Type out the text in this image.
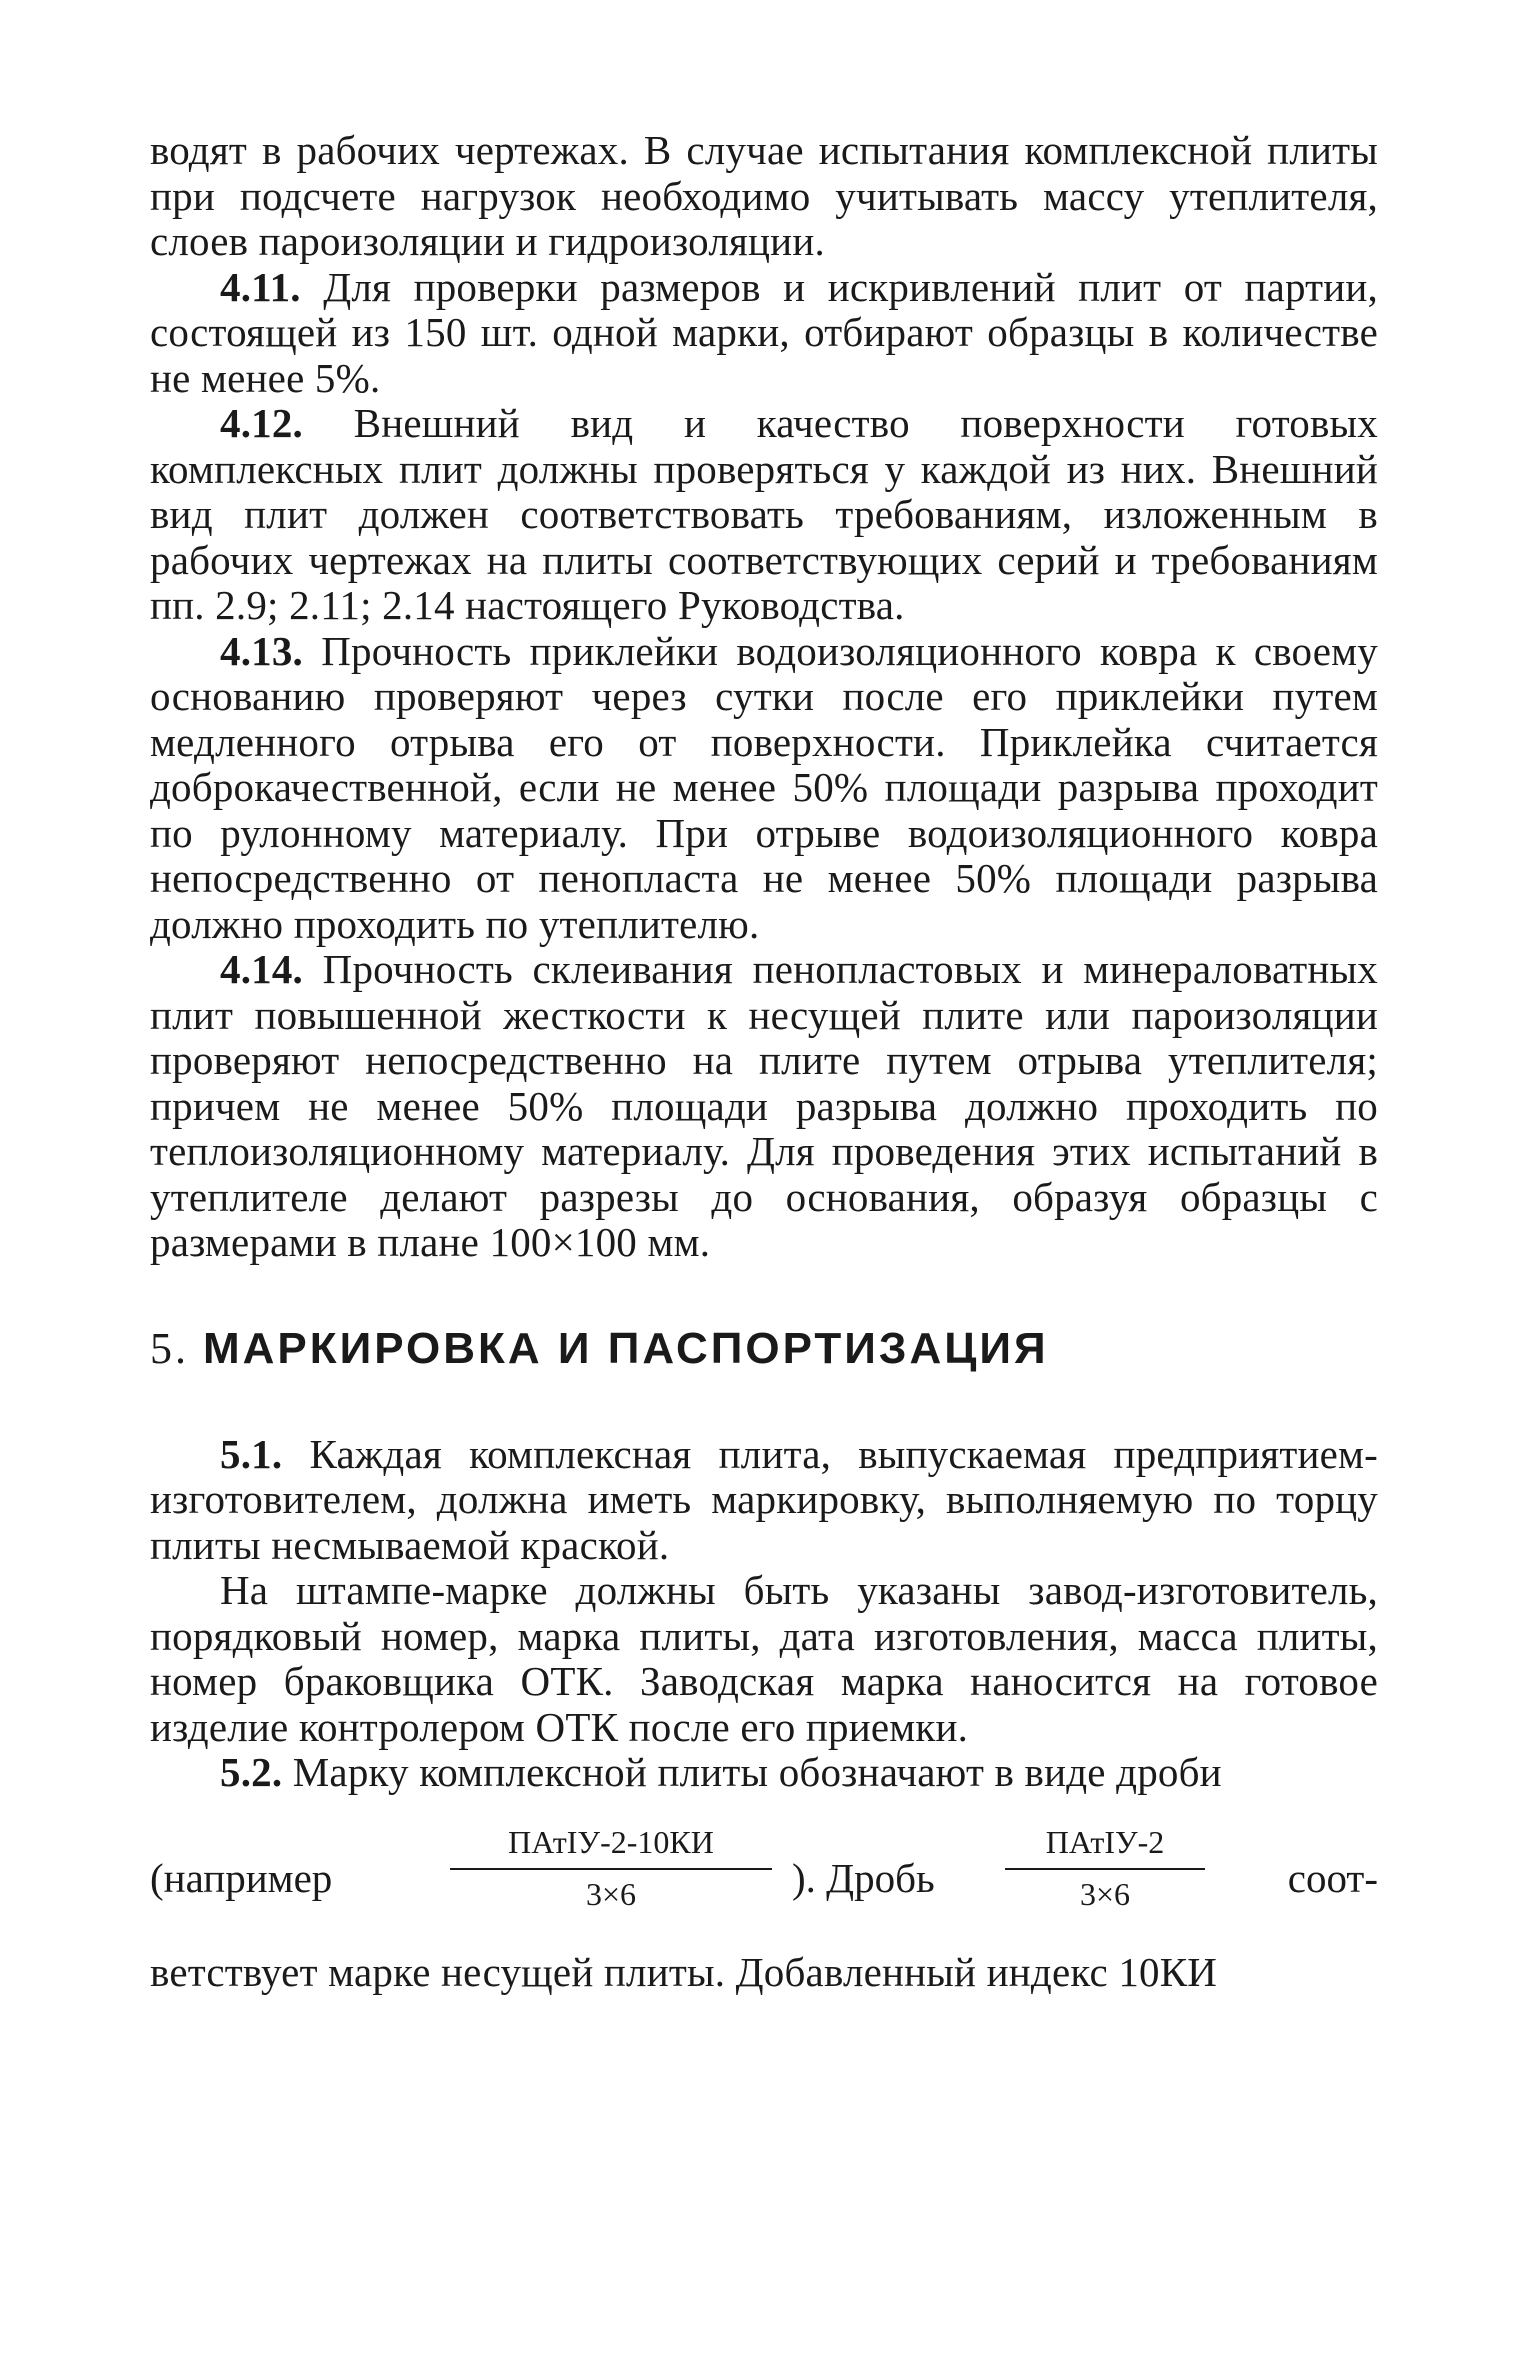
водят в рабочих чертежах. В случае испытания комплексной плиты при подсчете нагрузок необходимо учитывать массу утеплителя, слоев пароизоляции и гидроизоляции.

4.11. Для проверки размеров и искривлений плит от партии, состоящей из 150 шт. одной марки, отбирают образцы в количестве не менее 5%.

4.12. Внешний вид и качество поверхности готовых комплексных плит должны проверяться у каждой из них. Внешний вид плит должен соответствовать требованиям, изложенным в рабочих чертежах на плиты соответствующих серий и требованиям пп. 2.9; 2.11; 2.14 настоящего Руководства.

4.13. Прочность приклейки водоизоляционного ковра к своему основанию проверяют через сутки после его приклейки путем медленного отрыва его от поверхности. Приклейка считается доброкачественной, если не менее 50% площади разрыва проходит по рулонному материалу. При отрыве водоизоляционного ковра непосредственно от пенопласта не менее 50% площади разрыва должно проходить по утеплителю.

4.14. Прочность склеивания пенопластовых и минераловатных плит повышенной жесткости к несущей плите или пароизоляции проверяют непосредственно на плите путем отрыва утеплителя; причем не менее 50% площади разрыва должно проходить по теплоизоляционному материалу. Для проведения этих испытаний в утеплителе делают разрезы до основания, образуя образцы с размерами в плане 100×100 мм.

5. МАРКИРОВКА И ПАСПОРТИЗАЦИЯ

5.1. Каждая комплексная плита, выпускаемая предприятием-изготовителем, должна иметь маркировку, выполняемую по торцу плиты несмываемой краской.

На штампе-марке должны быть указаны завод-изготовитель, порядковый номер, марка плиты, дата изготовления, масса плиты, номер браковщика ОТК. Заводская марка наносится на готовое изделие контролером ОТК после его приемки.

5.2. Марку комплексной плиты обозначают в виде дроби

(например
ПАтIУ-2-10КИ
3×6	). Дробь
ПАтIУ-2
3×6	соот-

ветствует марке несущей плиты. Добавленный индекс 10КИ
